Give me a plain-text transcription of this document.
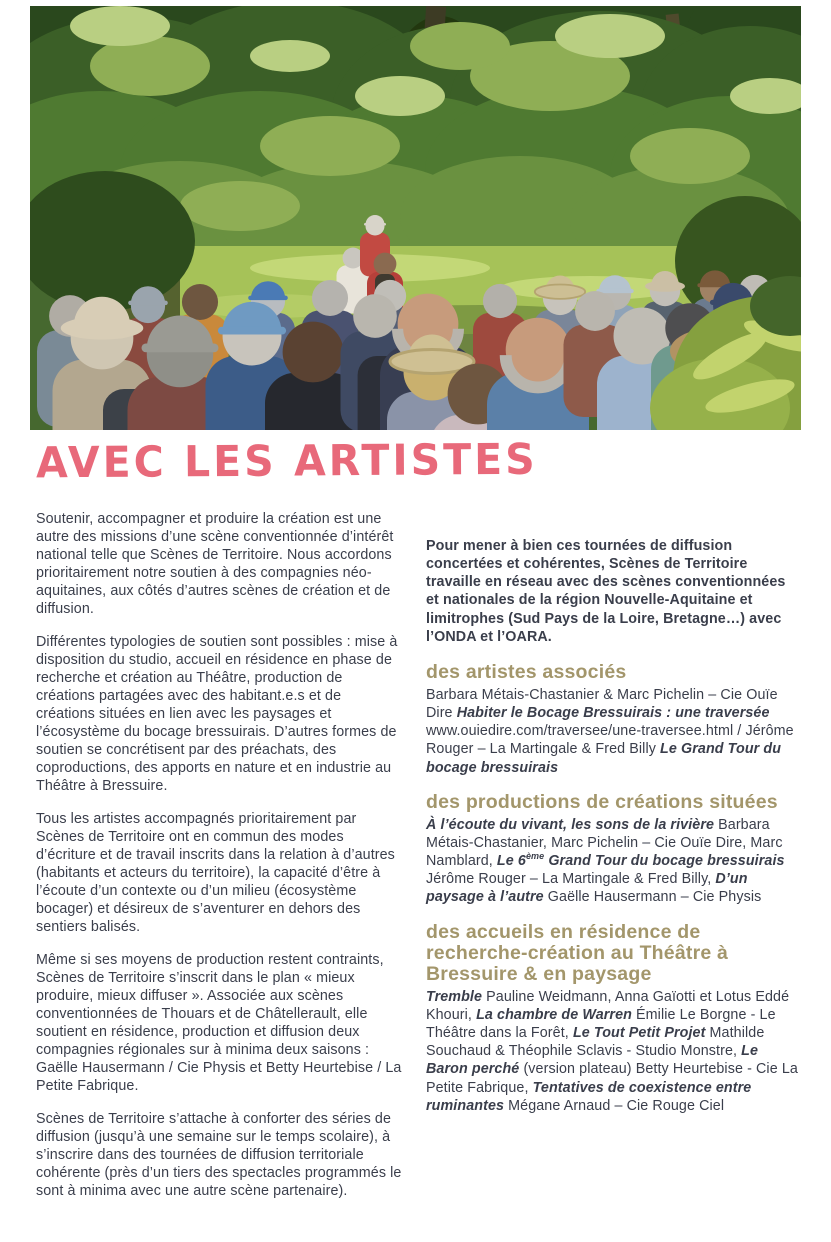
AVEC LES ARTISTES

Soutenir, accompagner et produire la création est une autre des missions d’une scène conventionnée d’intérêt national telle que Scènes de Territoire. Nous accordons prioritairement notre soutien à des compagnies néo-aquitaines, aux côtés d’autres scènes de création et de diffusion.

Différentes typologies de soutien sont possibles : mise à disposition du studio, accueil en résidence en phase de recherche et création au Théâtre, production de créations partagées avec des habitant.e.s et de créations situées en lien avec les paysages et l’écosystème du bocage bressuirais. D’autres formes de soutien se concrétisent par des préachats, des coproductions, des apports en nature et en industrie au Théâtre à Bressuire.

Tous les artistes accompagnés prioritairement par Scènes de Territoire ont en commun des modes d’écriture et de travail inscrits dans la relation à d’autres (habitants et acteurs du territoire), la capacité d’être à l’écoute d’un contexte ou d’un milieu (écosystème bocager) et désireux de s’aventurer en dehors des sentiers balisés.

Même si ses moyens de production restent contraints, Scènes de Territoire s’inscrit dans le plan « mieux produire, mieux diffuser ». Associée aux scènes conventionnées de Thouars et de Châtellerault, elle soutient en résidence, production et diffusion deux compagnies régionales sur à minima deux saisons : Gaëlle Hausermann / Cie Physis et Betty Heurtebise / La Petite Fabrique.

Scènes de Territoire s’attache à conforter des séries de diffusion (jusqu’à une semaine sur le temps scolaire), à s’inscrire dans des tournées de diffusion territoriale cohérente (près d’un tiers des spectacles programmés le sont à minima avec une autre scène partenaire).

Pour mener à bien ces tournées de diffusion concertées et cohérentes, Scènes de Territoire travaille en réseau avec des scènes conventionnées et nationales de la région Nouvelle-Aquitaine et limitrophes (Sud Pays de la Loire, Bretagne…) avec l’ONDA et l’OARA.

des artistes associés

Barbara Métais-Chastanier & Marc Pichelin – Cie Ouïe Dire Habiter le Bocage Bressuirais : une traversée www.ouiedire.com/traversee/une-traversee.html / Jérôme Rouger – La Martingale & Fred Billy Le Grand Tour du bocage bressuirais

des productions de créations situées

À l’écoute du vivant, les sons de la rivière Barbara Métais-Chastanier, Marc Pichelin – Cie Ouïe Dire, Marc Namblard, Le 6ème Grand Tour du bocage bressuirais Jérôme Rouger – La Martingale & Fred Billy, D’un paysage à l’autre Gaëlle Hausermann – Cie Physis

des accueils en résidence de recherche-création au Théâtre à Bressuire & en paysage

Tremble Pauline Weidmann, Anna Gaïotti et Lotus Eddé Khouri, La chambre de Warren Émilie Le Borgne - Le Théâtre dans la Forêt, Le Tout Petit Projet Mathilde Souchaud & Théophile Sclavis - Studio Monstre, Le Baron perché (version plateau) Betty Heurtebise - Cie La Petite Fabrique, Tentatives de coexistence entre ruminantes Mégane Arnaud – Cie Rouge Ciel
